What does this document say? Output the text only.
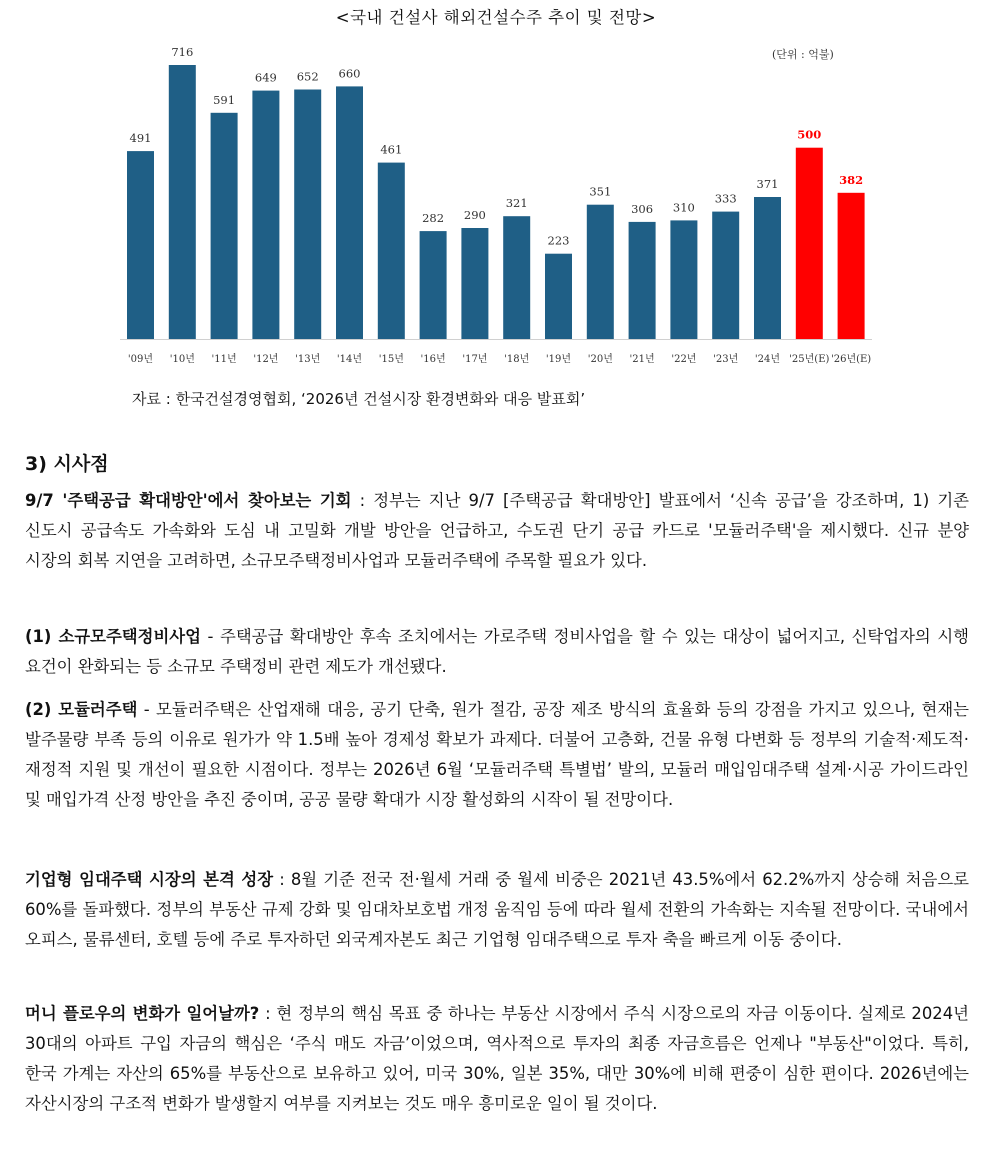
<국내 건설사 해외건설수주 추이 및 전망>
(단위 : 억불)
491
'09년
716
'10년
591
'11년
649
'12년
652
'13년
660
'14년
461
'15년
282
'16년
290
'17년
321
'18년
223
'19년
351
'20년
306
'21년
310
'22년
333
'23년
371
'24년
500
'25년(E)
382
'26년(E)
자료 : 한국건설경영협회, ‘2026년 건설시장 환경변화와 대응 발표회’
3) 시사점
9/7 '주택공급 확대방안'에서 찾아보는 기회 : 정부는 지난 9/7 [주택공급 확대방안] 발표에서 ‘신속 공급’을 강조하며, 1) 기존 신도시 공급속도 가속화와 도심 내 고밀화 개발 방안을 언급하고, 수도권 단기 공급 카드로 '모듈러주택'을 제시했다. 신규 분양 시장의 회복 지연을 고려하면, 소규모주택정비사업과 모듈러주택에 주목할 필요가 있다.
(1) 소규모주택정비사업 - 주택공급 확대방안 후속 조치에서는 가로주택 정비사업을 할 수 있는 대상이 넓어지고, 신탁업자의 시행 요건이 완화되는 등 소규모 주택정비 관련 제도가 개선됐다.
(2) 모듈러주택 - 모듈러주택은 산업재해 대응, 공기 단축, 원가 절감, 공장 제조 방식의 효율화 등의 강점을 가지고 있으나, 현재는 발주물량 부족 등의 이유로 원가가 약 1.5배 높아 경제성 확보가 과제다. 더불어 고층화, 건물 유형 다변화 등 정부의 기술적·제도적·재정적 지원 및 개선이 필요한 시점이다. 정부는 2026년 6월 ‘모듈러주택 특별법’ 발의, 모듈러 매입임대주택 설계·시공 가이드라인 및 매입가격 산정 방안을 추진 중이며, 공공 물량 확대가 시장 활성화의 시작이 될 전망이다.
기업형 임대주택 시장의 본격 성장 : 8월 기준 전국 전·월세 거래 중 월세 비중은 2021년 43.5%에서 62.2%까지 상승해 처음으로 60%를 돌파했다. 정부의 부동산 규제 강화 및 임대차보호법 개정 움직임 등에 따라 월세 전환의 가속화는 지속될 전망이다. 국내에서 오피스, 물류센터, 호텔 등에 주로 투자하던 외국계자본도 최근 기업형 임대주택으로 투자 축을 빠르게 이동 중이다.
머니 플로우의 변화가 일어날까? : 현 정부의 핵심 목표 중 하나는 부동산 시장에서 주식 시장으로의 자금 이동이다. 실제로 2024년 30대의 아파트 구입 자금의 핵심은 ‘주식 매도 자금’이었으며, 역사적으로 투자의 최종 자금흐름은 언제나 "부동산"이었다. 특히, 한국 가계는 자산의 65%를 부동산으로 보유하고 있어, 미국 30%, 일본 35%, 대만 30%에 비해 편중이 심한 편이다. 2026년에는 자산시장의 구조적 변화가 발생할지 여부를 지켜보는 것도 매우 흥미로운 일이 될 것이다.
